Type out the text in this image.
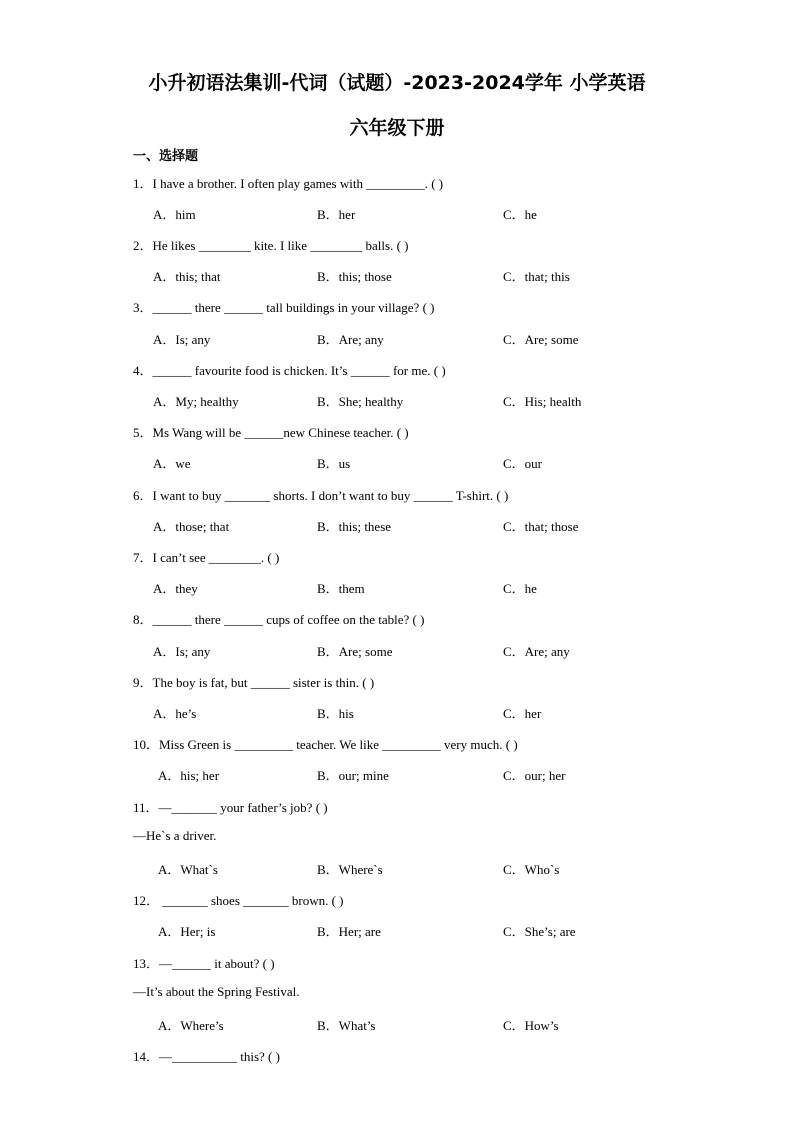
小升初语法集训-代词（试题）-2023-2024学年 小学英语
六年级下册
一、选择题
1．I have a brother. I often play games with _________. ( )
A．him	B．her	C．he
2．He likes ________ kite. I like ________ balls. ( )
A．this; that	B．this; those	C．that; this
3．______ there ______ tall buildings in your village? ( )
A．Is; any	B．Are; any	C．Are; some
4．______ favourite food is chicken. It’s ______ for me. ( )
A．My; healthy	B．She; healthy	C．His; health
5．Ms Wang will be ______new Chinese teacher. ( )
A．we	B．us	C．our
6．I want to buy _______ shorts. I don’t want to buy ______ T-shirt. ( )
A．those; that	B．this; these	C．that; those
7．I can’t see ________. ( )
A．they	B．them	C．he
8．______ there ______ cups of coffee on the table? ( )
A．Is; any	B．Are; some	C．Are; any
9．The boy is fat, but ______ sister is thin. ( )
A．he’s	B．his	C．her
10．Miss Green is _________ teacher. We like _________ very much. ( )
A．his; her	B．our; mine	C．our; her
11．—_______ your father’s job? ( )
—He`s a driver.
A．What`s	B．Where`s	C．Who`s
12． _______ shoes _______ brown. ( )
A．Her; is	B．Her; are	C．She’s; are
13．—______ it about? ( )
—It’s about the Spring Festival.
A．Where’s	B．What’s	C．How’s
14．—__________ this? ( )
